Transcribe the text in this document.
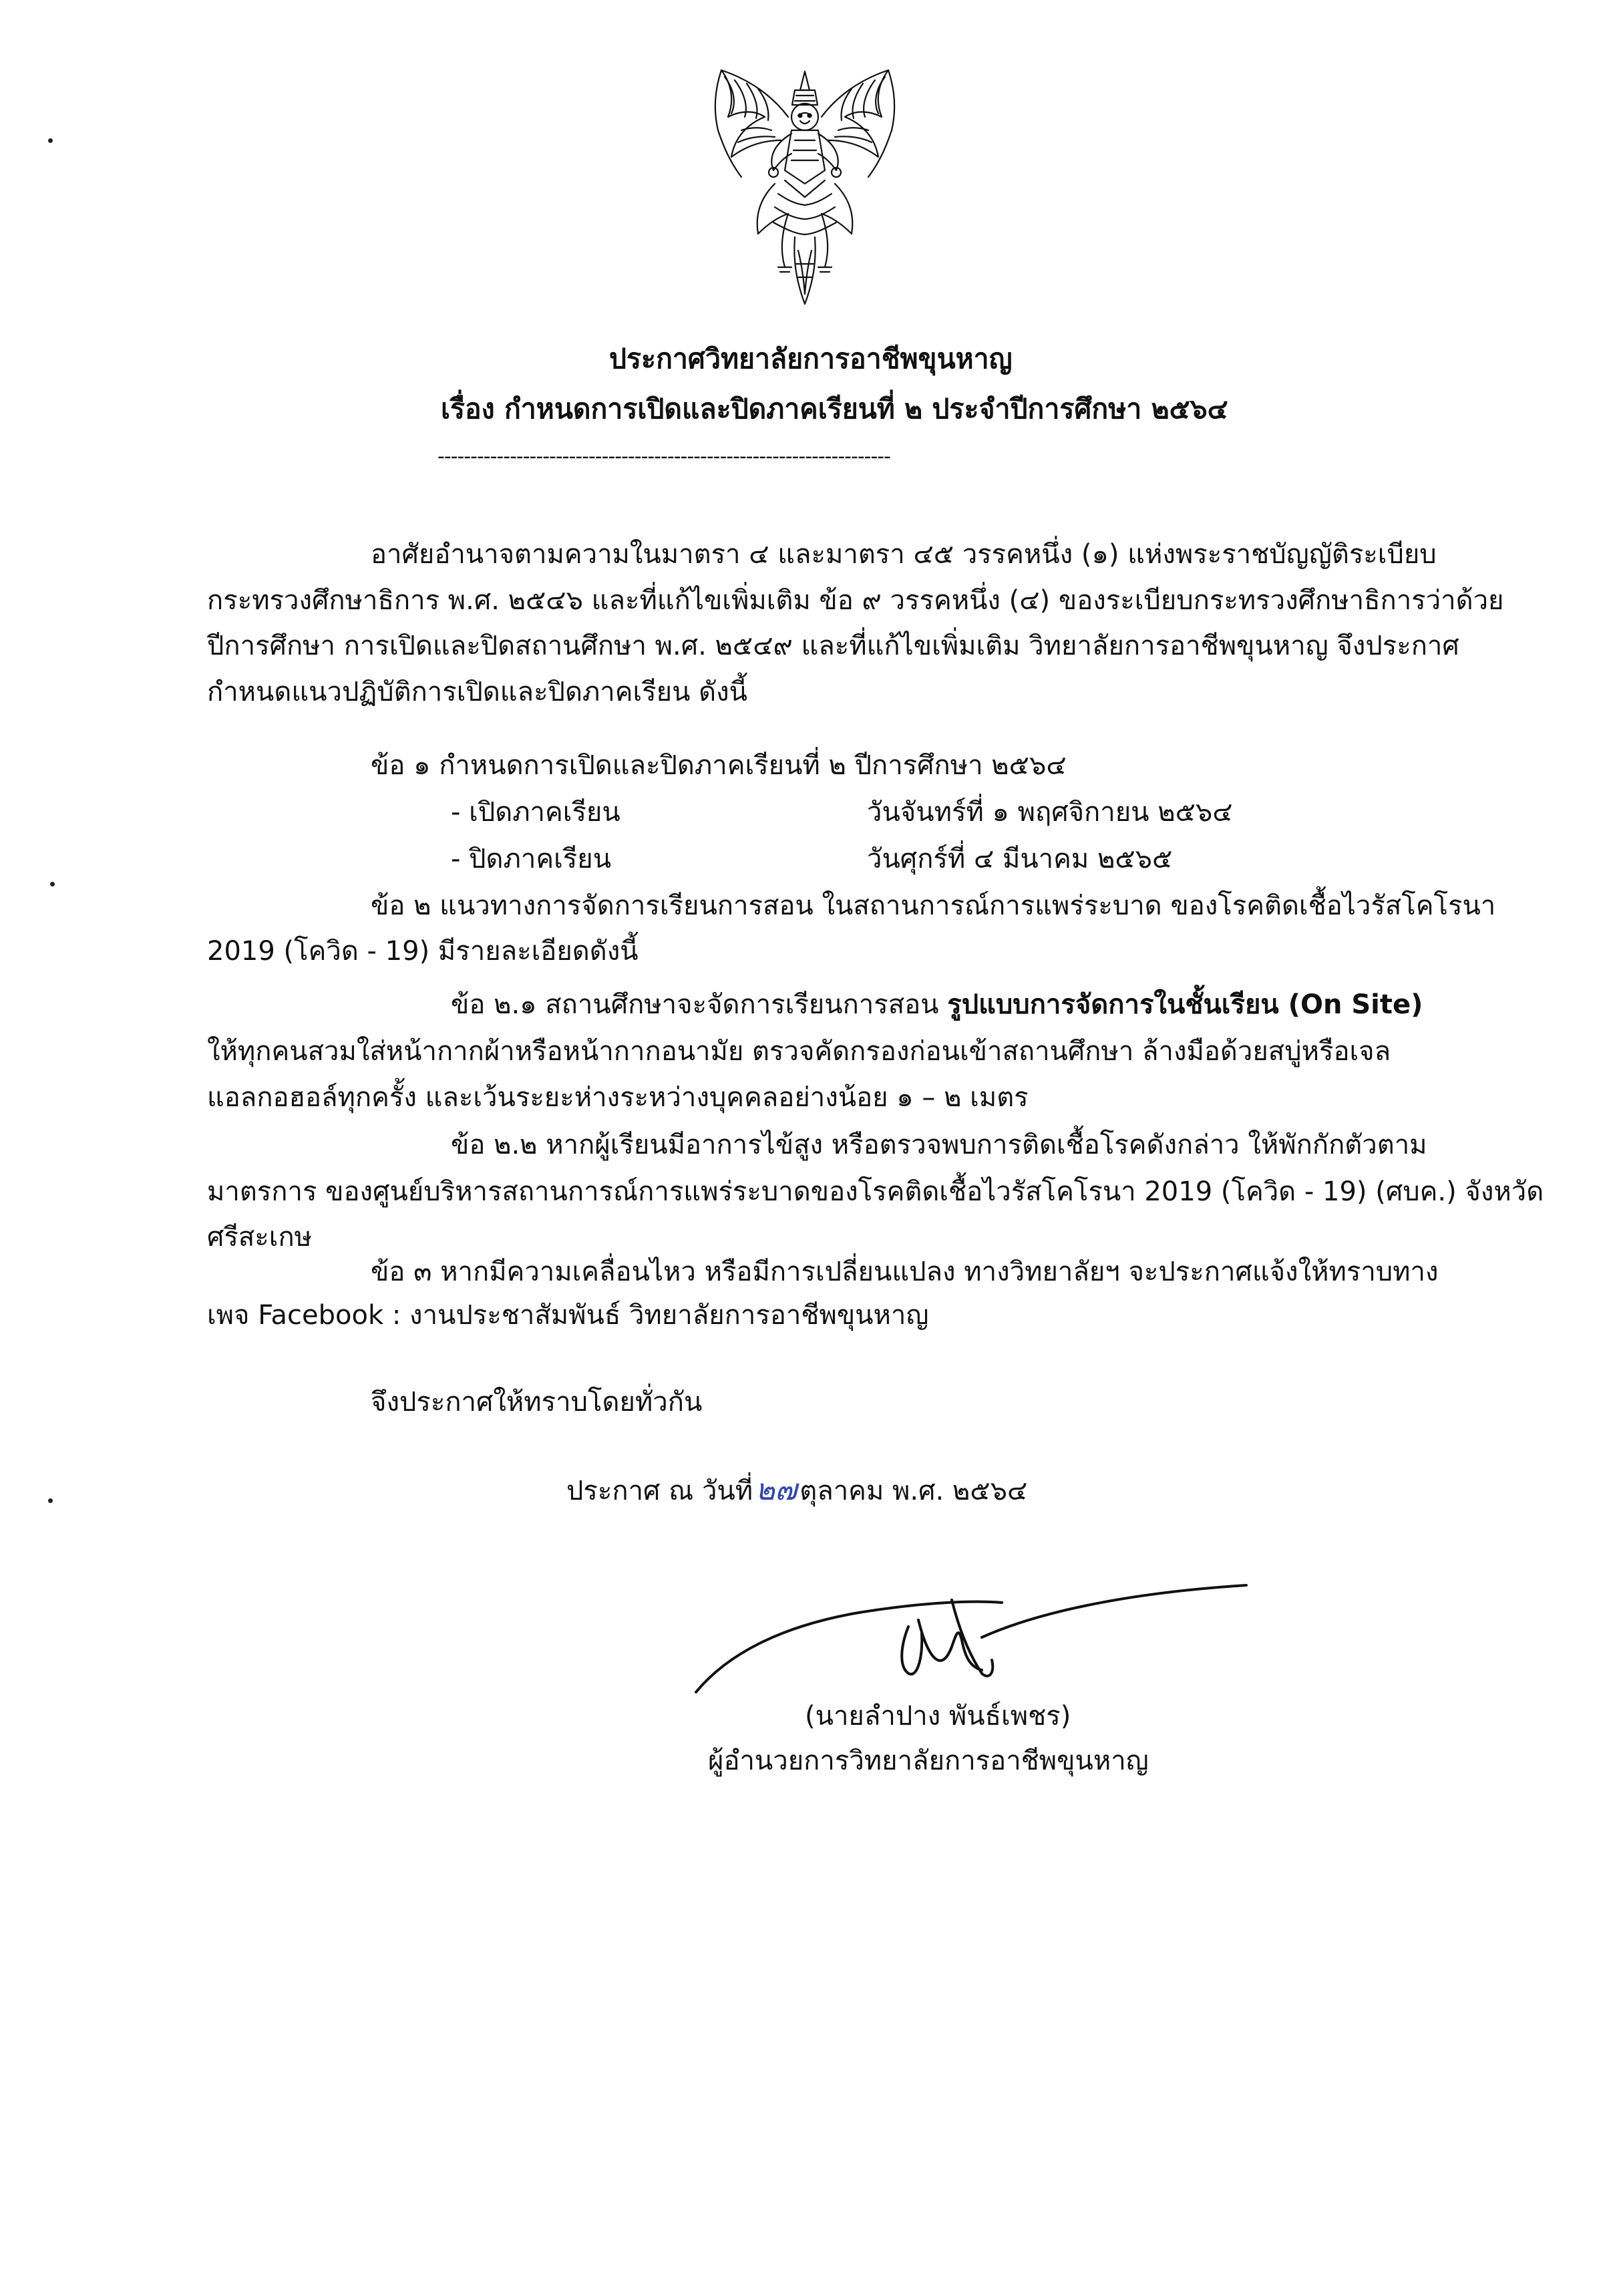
ประกาศวิทยาลัยการอาชีพขุนหาญ
เรื่อง กำหนดการเปิดและปิดภาคเรียนที่ ๒ ประจำปีการศึกษา ๒๕๖๔
---------------------------------------------------------------------
อาศัยอำนาจตามความในมาตรา ๔ และมาตรา ๔๕ วรรคหนึ่ง (๑) แห่งพระราชบัญญัติระเบียบ
กระทรวงศึกษาธิการ พ.ศ. ๒๕๔๖ และที่แก้ไขเพิ่มเติม ข้อ ๙ วรรคหนึ่ง (๔) ของระเบียบกระทรวงศึกษาธิการว่าด้วย
ปีการศึกษา การเปิดและปิดสถานศึกษา พ.ศ. ๒๕๔๙ และที่แก้ไขเพิ่มเติม วิทยาลัยการอาชีพขุนหาญ จึงประกาศ
กำหนดแนวปฏิบัติการเปิดและปิดภาคเรียน ดังนี้
ข้อ ๑ กำหนดการเปิดและปิดภาคเรียนที่ ๒ ปีการศึกษา ๒๕๖๔
- เปิดภาคเรียน	วันจันทร์ที่ ๑ พฤศจิกายน ๒๕๖๔
- ปิดภาคเรียน	วันศุกร์ที่ ๔ มีนาคม ๒๕๖๕
ข้อ ๒ แนวทางการจัดการเรียนการสอน ในสถานการณ์การแพร่ระบาด ของโรคติดเชื้อไวรัสโคโรนา
2019 (โควิด - 19) มีรายละเอียดดังนี้
ข้อ ๒.๑ สถานศึกษาจะจัดการเรียนการสอน รูปแบบการจัดการในชั้นเรียน (On Site)
ให้ทุกคนสวมใส่หน้ากากผ้าหรือหน้ากากอนามัย ตรวจคัดกรองก่อนเข้าสถานศึกษา ล้างมือด้วยสบู่หรือเจล
แอลกอฮอล์ทุกครั้ง และเว้นระยะห่างระหว่างบุคคลอย่างน้อย ๑ – ๒ เมตร
ข้อ ๒.๒ หากผู้เรียนมีอาการไข้สูง หรือตรวจพบการติดเชื้อโรคดังกล่าว ให้พักกักตัวตาม
มาตรการ ของศูนย์บริหารสถานการณ์การแพร่ระบาดของโรคติดเชื้อไวรัสโคโรนา 2019 (โควิด - 19) (ศบค.) จังหวัด
ศรีสะเกษ
ข้อ ๓ หากมีความเคลื่อนไหว หรือมีการเปลี่ยนแปลง ทางวิทยาลัยฯ จะประกาศแจ้งให้ทราบทาง
เพจ Facebook : งานประชาสัมพันธ์ วิทยาลัยการอาชีพขุนหาญ
จึงประกาศให้ทราบโดยทั่วกัน
ประกาศ ณ วันที่๒๗ ตุลาคม พ.ศ. ๒๕๖๔
(นายลำปาง พันธ์เพชร)
ผู้อำนวยการวิทยาลัยการอาชีพขุนหาญ
